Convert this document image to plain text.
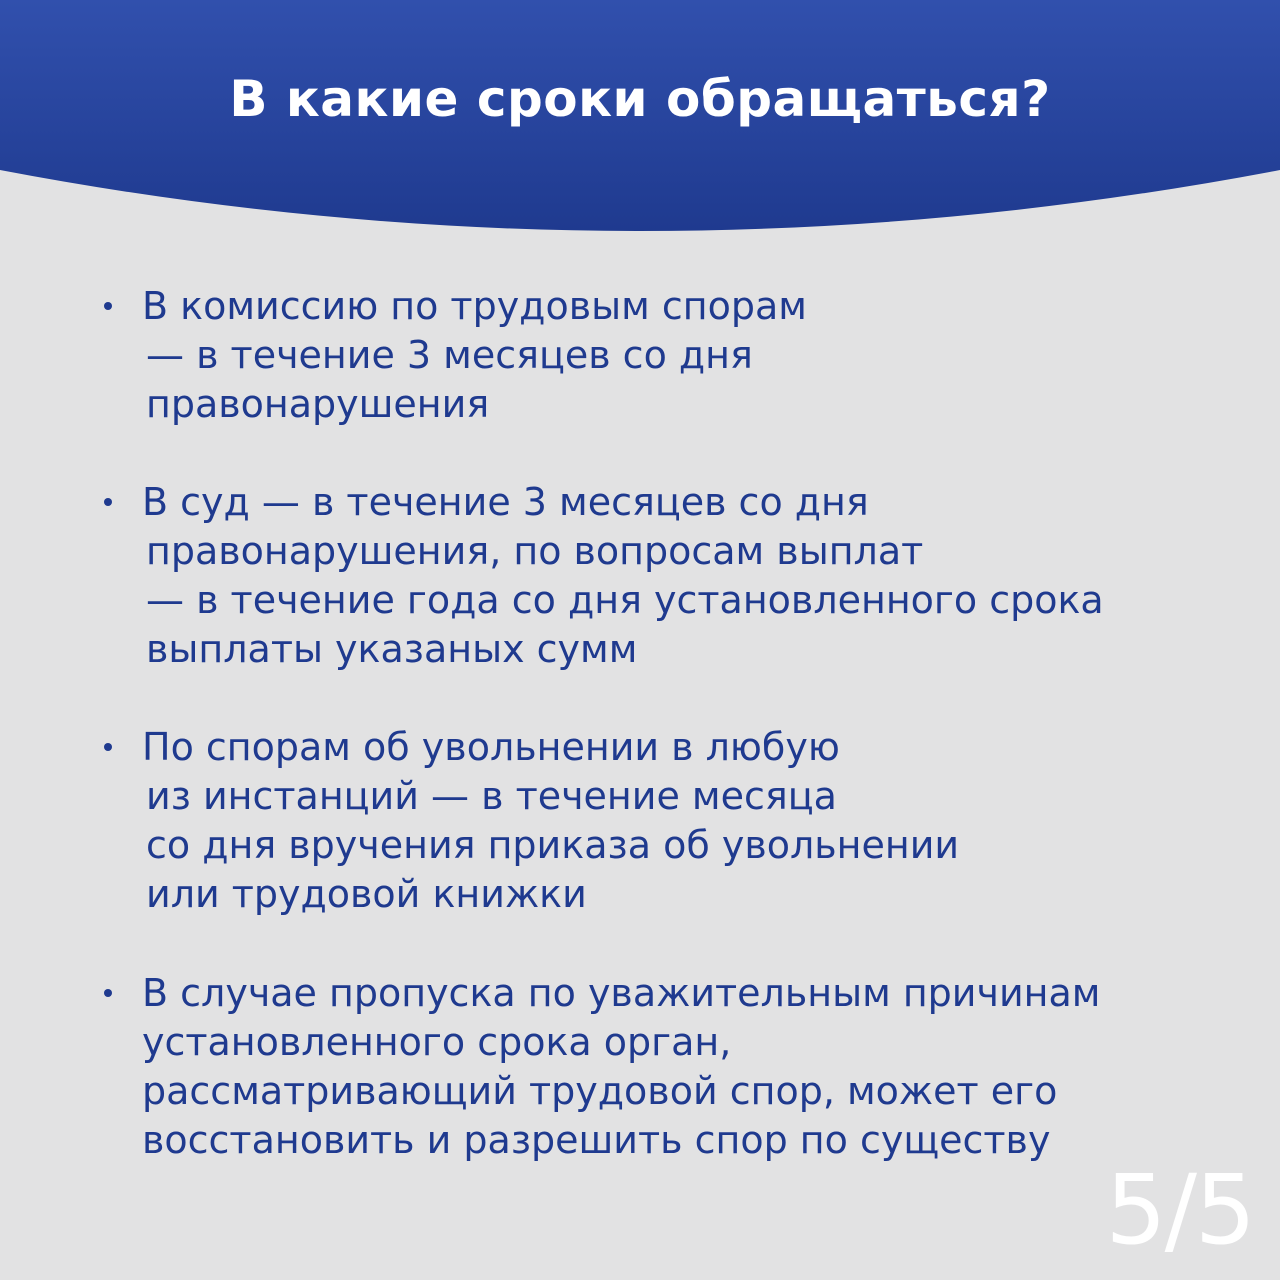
В какие сроки обращаться?
В комиссию по трудовым спорам
— в течение 3 месяцев со дня
правонарушения
В суд — в течение 3 месяцев со дня
правонарушения, по вопросам выплат
— в течение года со дня установленного срока
выплаты указаных сумм
По спорам об увольнении в любую
из инстанций — в течение месяца
со дня вручения приказа об увольнении
или трудовой книжки
В случае пропуска по уважительным причинам
установленного срока орган,
рассматривающий трудовой спор, может его
восстановить и разрешить спор по существу
5/5
